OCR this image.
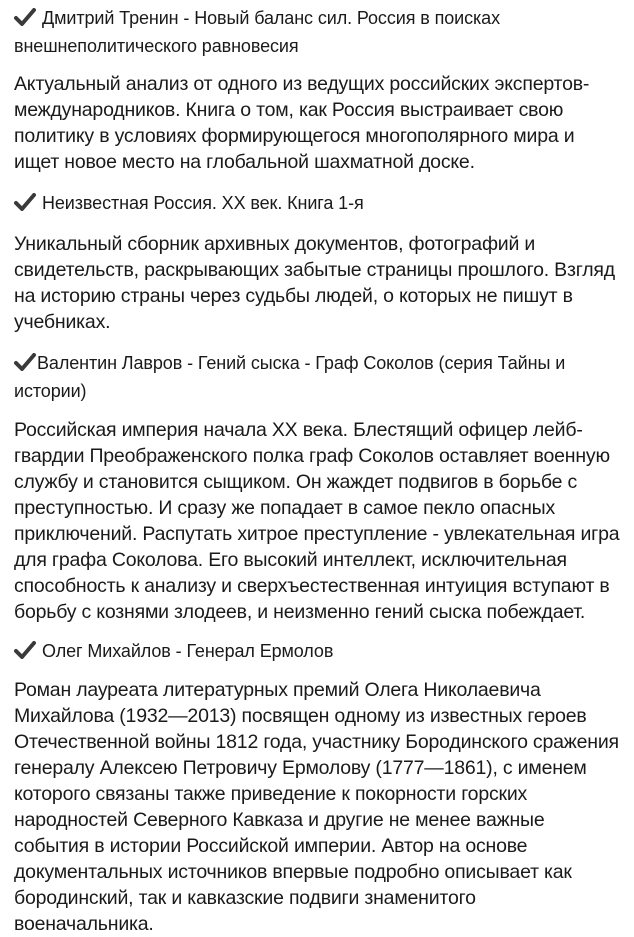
Дмитрий Тренин - Новый баланс сил. Россия в поисках внешнеполитического равновесия

Актуальный анализ от одного из ведущих российских экспертов-международников. Книга о том, как Россия выстраивает свою политику в условиях формирующегося многополярного мира и ищет новое место на глобальной шахматной доске.

Неизвестная Россия. XX век. Книга 1-я

Уникальный сборник архивных документов, фотографий и свидетельств, раскрывающих забытые страницы прошлого. Взгляд на историю страны через судьбы людей, о которых не пишут в учебниках.

Валентин Лавров - Гений сыска - Граф Соколов (серия Тайны и истории)

Российская империя начала XX века. Блестящий офицер лейб-гвардии Преображенского полка граф Соколов оставляет военную службу и становится сыщиком. Он жаждет подвигов в борьбе с преступностью. И сразу же попадает в самое пекло опасных приключений. Распутать хитрое преступление - увлекательная игра для графа Соколова. Его высокий интеллект, исключительная способность к анализу и сверхъестественная интуиция вступают в борьбу с кознями злодеев, и неизменно гений сыска побеждает.

Олег Михайлов - Генерал Ермолов

Роман лауреата литературных премий Олега Николаевича Михайлова (1932—2013) посвящен одному из известных героев Отечественной войны 1812 года, участнику Бородинского сражения генералу Алексею Петровичу Ермолову (1777—1861), с именем которого связаны также приведение к покорности горских народностей Северного Кавказа и другие не менее важные события в истории Российской империи. Автор на основе документальных источников впервые подробно описывает как бородинский, так и кавказские подвиги знаменитого военачальника.
